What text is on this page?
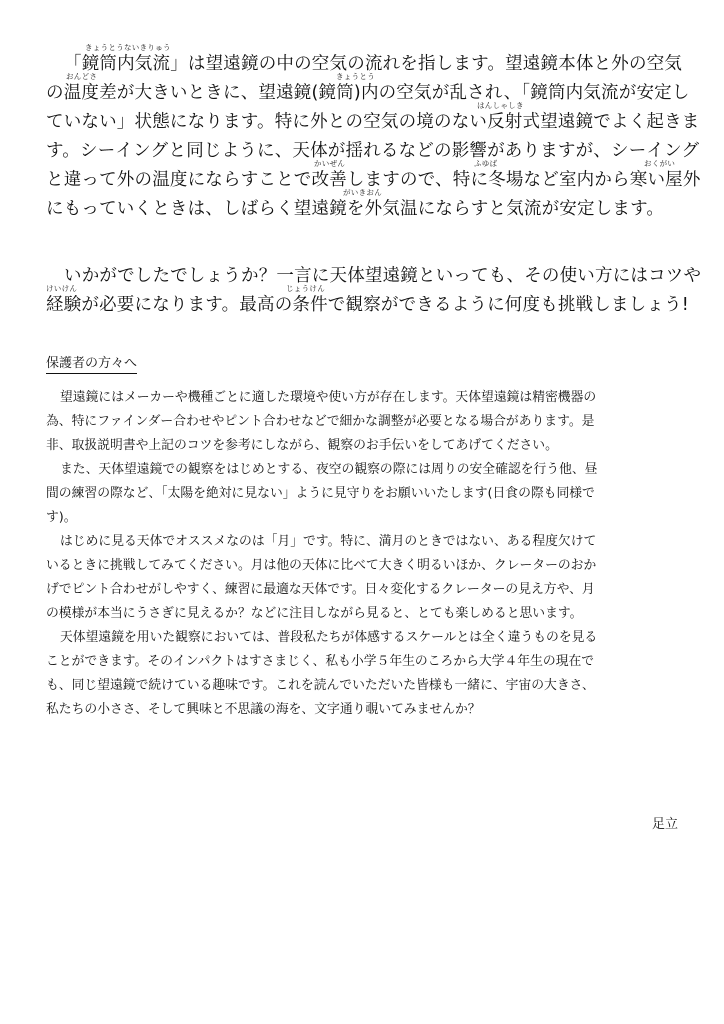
きょうとうないきりゅう
おんどさ	きょうとう
はんしゃしき
かいぜん	ふゆば	おくがい
がいきおん
「鏡筒内気流」は望遠鏡の中の空気の流れを指します。望遠鏡本体と外の空気
の温度差が大きいときに、望遠鏡(鏡筒)内の空気が乱され、「鏡筒内気流が安定し
ていない」状態になります。特に外との空気の境のない反射式望遠鏡でよく起きま
す。シーイングと同じように、天体が揺れるなどの影響がありますが、シーイング
と違って外の温度にならすことで改善しますので、特に冬場など室内から寒い屋外
にもっていくときは、しばらく望遠鏡を外気温にならすと気流が安定します。
けいけん	じょうけん
いかがでしたでしょうか？一言に天体望遠鏡といっても、その使い方にはコツや
経験が必要になります。最高の条件で観察ができるように何度も挑戦しましょう!
保護者の方々へ
望遠鏡にはメーカーや機種ごとに適した環境や使い方が存在します。天体望遠鏡は精密機器の
為、特にファインダー合わせやピント合わせなどで細かな調整が必要となる場合があります。是
非、取扱説明書や上記のコツを参考にしながら、観察のお手伝いをしてあげてください。
また、天体望遠鏡での観察をはじめとする、夜空の観察の際には周りの安全確認を行う他、昼
間の練習の際など、「太陽を絶対に見ない」ように見守りをお願いいたします(日食の際も同様で
す)。
はじめに見る天体でオススメなのは「月」です。特に、満月のときではない、ある程度欠けて
いるときに挑戦してみてください。月は他の天体に比べて大きく明るいほか、クレーターのおか
げでピント合わせがしやすく、練習に最適な天体です。日々変化するクレーターの見え方や、月
の模様が本当にうさぎに見えるか？などに注目しながら見ると、とても楽しめると思います。
天体望遠鏡を用いた観察においては、普段私たちが体感するスケールとは全く違うものを見る
ことができます。そのインパクトはすさまじく、私も小学５年生のころから大学４年生の現在で
も、同じ望遠鏡で続けている趣味です。これを読んでいただいた皆様も一緒に、宇宙の大きさ、
私たちの小ささ、そして興味と不思議の海を、文字通り覗いてみませんか？
足立
